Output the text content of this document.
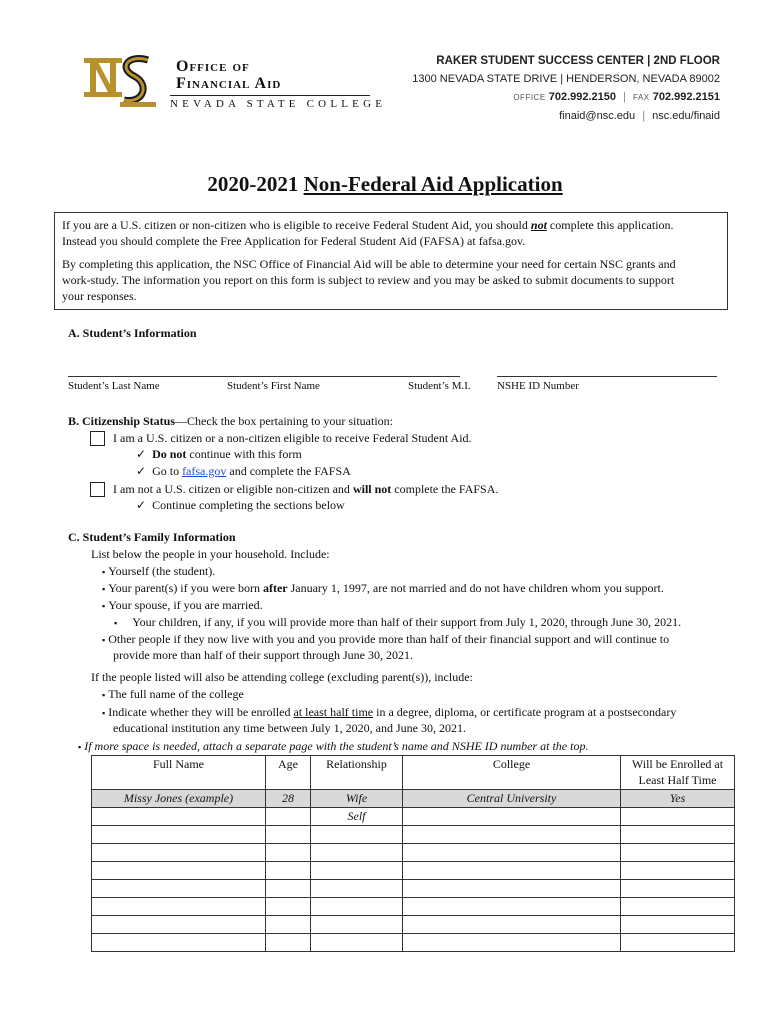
Office of
Financial Aid
NEVADA STATE COLLEGE
RAKER STUDENT SUCCESS CENTER | 2ND FLOOR
1300 NEVADA STATE DRIVE | HENDERSON, NEVADA 89002
OFFICE 702.992.2150 | FAX 702.992.2151
finaid@nsc.edu | nsc.edu/finaid
2020-2021 Non-Federal Aid Application

If you are a U.S. citizen or non-citizen who is eligible to receive Federal Student Aid, you should not complete this application.
Instead you should complete the Free Application for Federal Student Aid (FAFSA) at fafsa.gov.

By completing this application, the NSC Office of Financial Aid will be able to determine your need for certain NSC grants and
work-study. The information you report on this form is subject to review and you may be asked to submit documents to support
your responses.

A. Student’s Information
Student’s Last Name	Student’s First Name	Student’s M.I. NSHE ID Number
B. Citizenship Status—Check the box pertaining to your situation:
I am a U.S. citizen or a non-citizen eligible to receive Federal Student Aid.
✓ Do not continue with this form
✓ Go to fafsa.gov and complete the FAFSA
I am not a U.S. citizen or eligible non-citizen and will not complete the FAFSA.
✓ Continue completing the sections below
C. Student’s Family Information
List below the people in your household. Include:
▪ Yourself (the student).
▪ Your parent(s) if you were born after January 1, 1997, are not married and do not have children whom you support.
▪ Your spouse, if you are married.
▪ Your children, if any, if you will provide more than half of their support from July 1, 2020, through June 30, 2021.
▪ Other people if they now live with you and you provide more than half of their financial support and will continue to
provide more than half of their support through June 30, 2021.
If the people listed will also be attending college (excluding parent(s)), include:
▪ The full name of the college
▪ Indicate whether they will be enrolled at least half time in a degree, diploma, or certificate program at a postsecondary
educational institution any time between July 1, 2020, and June 30, 2021.
▪ If more space is needed, attach a separate page with the student’s name and NSHE ID number at the top.
Full Name	Age	Relationship	College	Will be Enrolled at Least Half Time
Missy Jones (example)	28	Wife	Central University	Yes
		Self		
